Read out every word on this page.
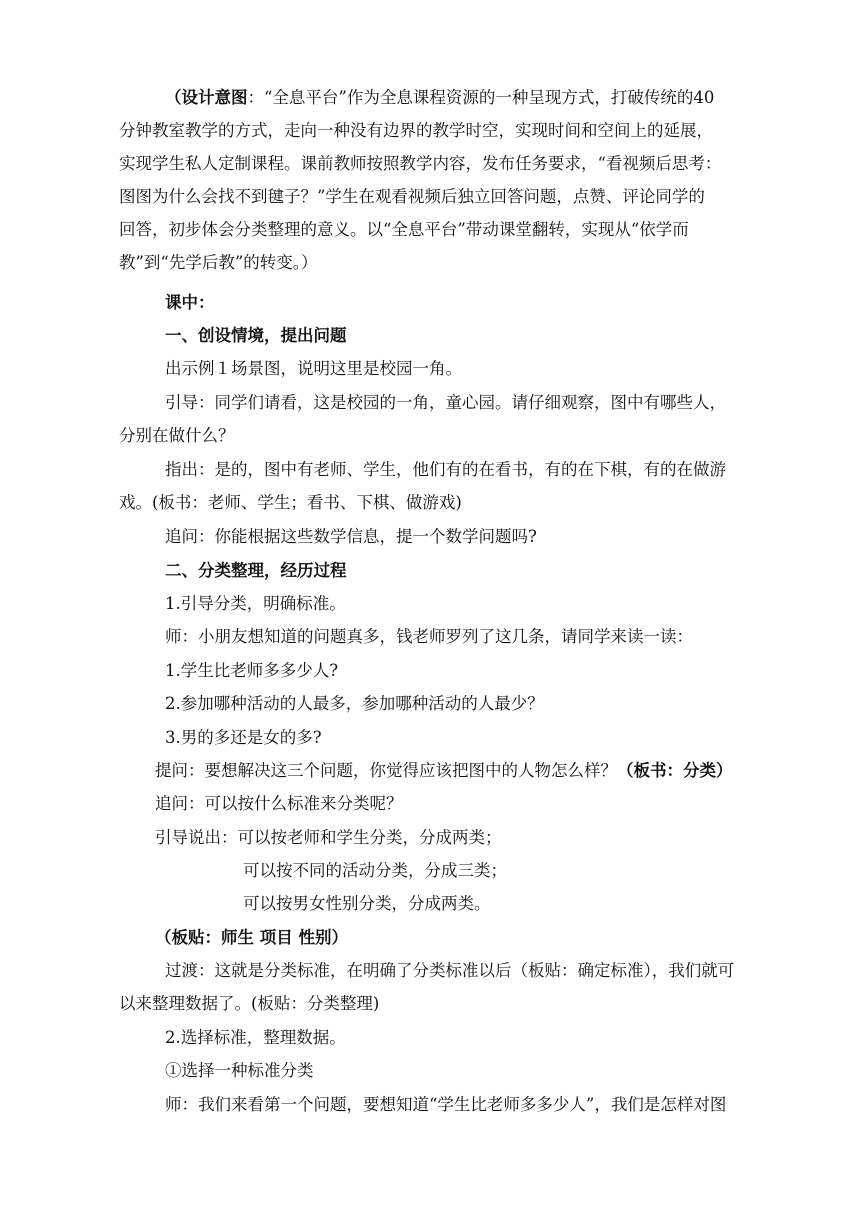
（设计意图：“全息平台”作为全息课程资源的一种呈现方式，打破传统的40
分钟教室教学的方式，走向一种没有边界的教学时空，实现时间和空间上的延展，
实现学生私人定制课程。课前教师按照教学内容，发布任务要求，“看视频后思考：
图图为什么会找不到毽子？”学生在观看视频后独立回答问题，点赞、评论同学的
回答，初步体会分类整理的意义。以“全息平台”带动课堂翻转，实现从“依学而
教”到“先学后教”的转变。）
课中：
一、创设情境，提出问题
出示例１场景图，说明这里是校园一角。
引导：同学们请看，这是校园的一角，童心园。请仔细观察，图中有哪些人，
分别在做什么？
指出：是的，图中有老师、学生，他们有的在看书，有的在下棋，有的在做游
戏。(板书：老师、学生；看书、下棋、做游戏)
追问：你能根据这些数学信息，提一个数学问题吗?
二、分类整理，经历过程
1.引导分类，明确标准。
师：小朋友想知道的问题真多，钱老师罗列了这几条，请同学来读一读：
1.学生比老师多多少人?
2.参加哪种活动的人最多，参加哪种活动的人最少？
3.男的多还是女的多?
提问：要想解决这三个问题，你觉得应该把图中的人物怎么样？（板书：分类）
追问：可以按什么标准来分类呢？
引导说出：可以按老师和学生分类，分成两类；
可以按不同的活动分类，分成三类；
可以按男女性别分类，分成两类。
（板贴：师生 项目 性别）
过渡：这就是分类标准，在明确了分类标准以后（板贴：确定标准），我们就可
以来整理数据了。(板贴：分类整理)
2.选择标准，整理数据。
①选择一种标准分类
师：我们来看第一个问题，要想知道“学生比老师多多少人”，我们是怎样对图
